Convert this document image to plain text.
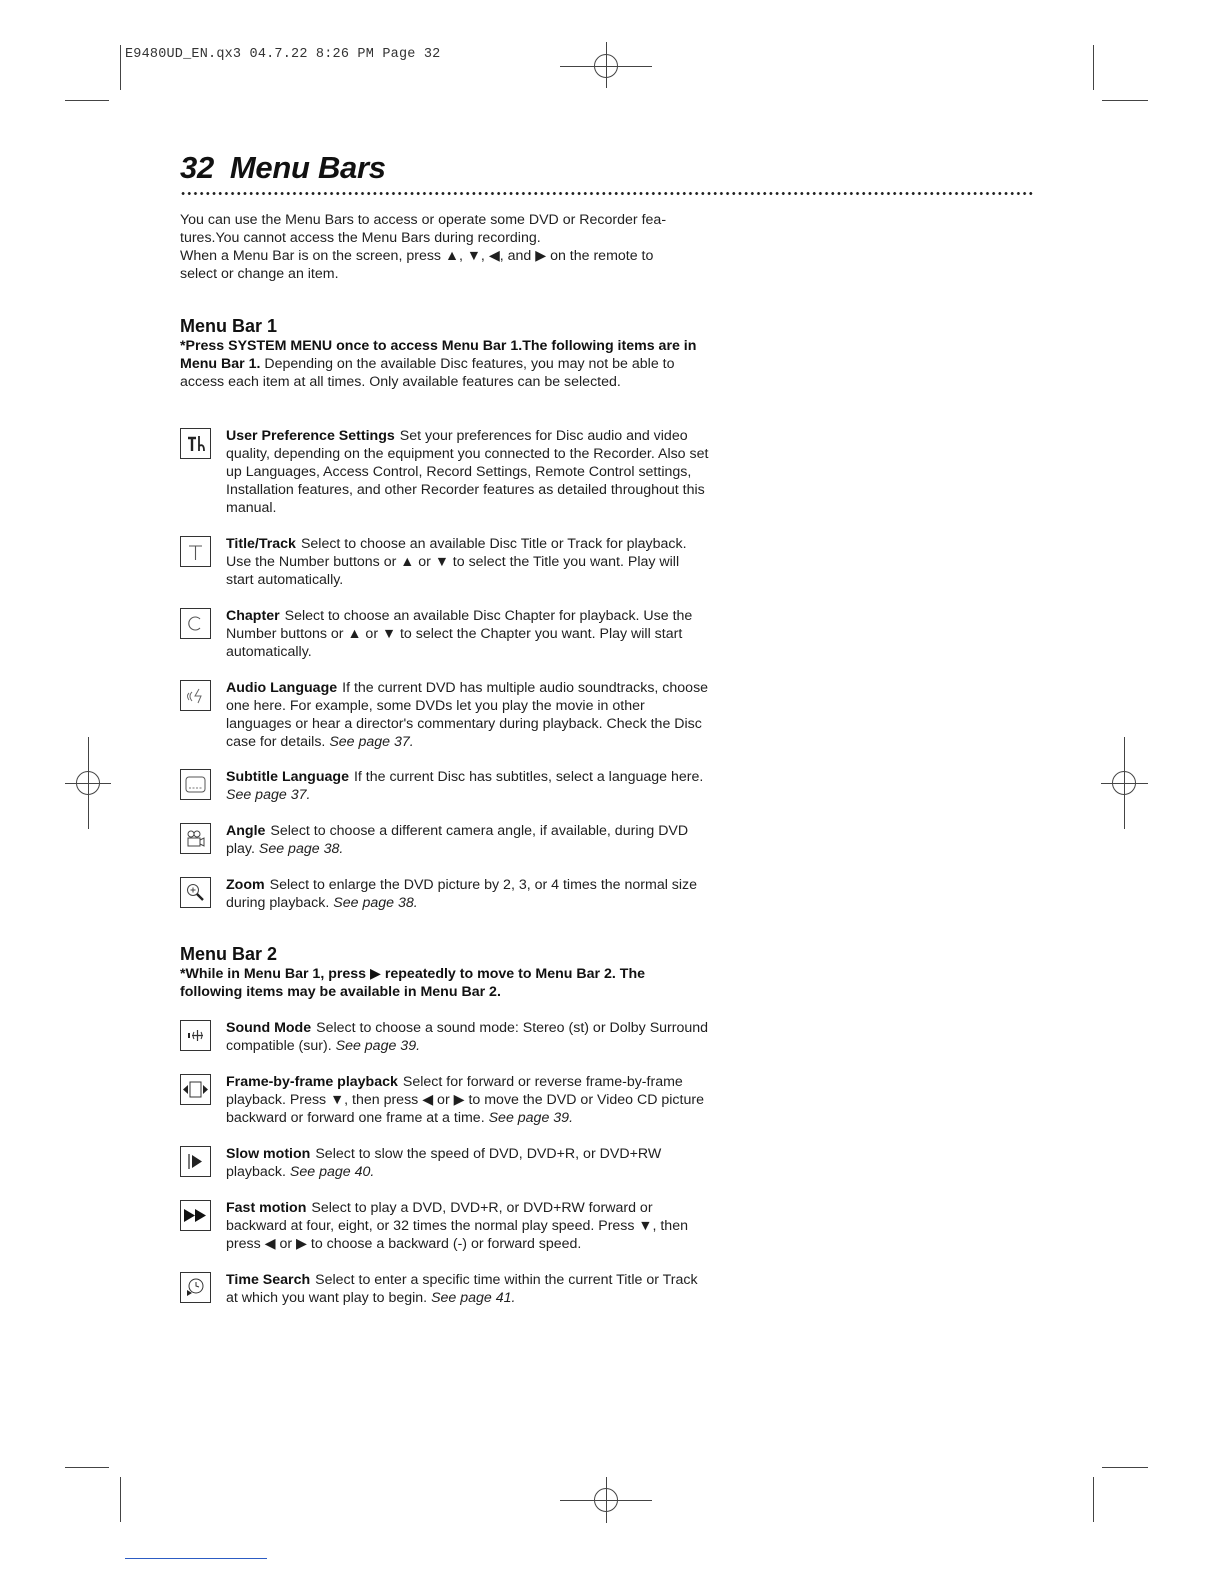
E9480UD_EN.qx3 04.7.22 8:26 PM Page 32
32 Menu Bars
You can use the Menu Bars to access or operate some DVD or Recorder fea-
tures.You cannot access the Menu Bars during recording.
When a Menu Bar is on the screen, press ▲, ▼, ◀, and ▶ on the remote to
select or change an item.
Menu Bar 1
*Press SYSTEM MENU once to access Menu Bar 1.The following items are in Menu Bar 1. Depending on the available Disc features, you may not be able to access each item at all times. Only available features can be selected.
User Preference Settings Set your preferences for Disc audio and video quality, depending on the equipment you connected to the Recorder. Also set up Languages, Access Control, Record Settings, Remote Control settings, Installation features, and other Recorder features as detailed throughout this manual.
Title/Track Select to choose an available Disc Title or Track for playback. Use the Number buttons or ▲ or ▼ to select the Title you want. Play will start automatically.
Chapter Select to choose an available Disc Chapter for playback. Use the Number buttons or ▲ or ▼ to select the Chapter you want. Play will start automatically.
Audio Language If the current DVD has multiple audio soundtracks, choose one here. For example, some DVDs let you play the movie in other languages or hear a director's commentary during playback. Check the Disc case for details. See page 37.
Subtitle Language If the current Disc has subtitles, select a language here. See page 37.
Angle Select to choose a different camera angle, if available, during DVD play. See page 38.
Zoom Select to enlarge the DVD picture by 2, 3, or 4 times the normal size during playback. See page 38.
Menu Bar 2
*While in Menu Bar 1, press ▶ repeatedly to move to Menu Bar 2. The following items may be available in Menu Bar 2.
Sound Mode Select to choose a sound mode: Stereo (st) or Dolby Surround compatible (sur). See page 39.
Frame-by-frame playback Select for forward or reverse frame-by-frame playback. Press ▼, then press ◀ or ▶ to move the DVD or Video CD picture backward or forward one frame at a time. See page 39.
Slow motion Select to slow the speed of DVD, DVD+R, or DVD+RW playback. See page 40.
Fast motion Select to play a DVD, DVD+R, or DVD+RW forward or backward at four, eight, or 32 times the normal play speed. Press ▼, then press ◀ or ▶ to choose a backward (-) or forward speed.
Time Search Select to enter a specific time within the current Title or Track at which you want play to begin. See page 41.
